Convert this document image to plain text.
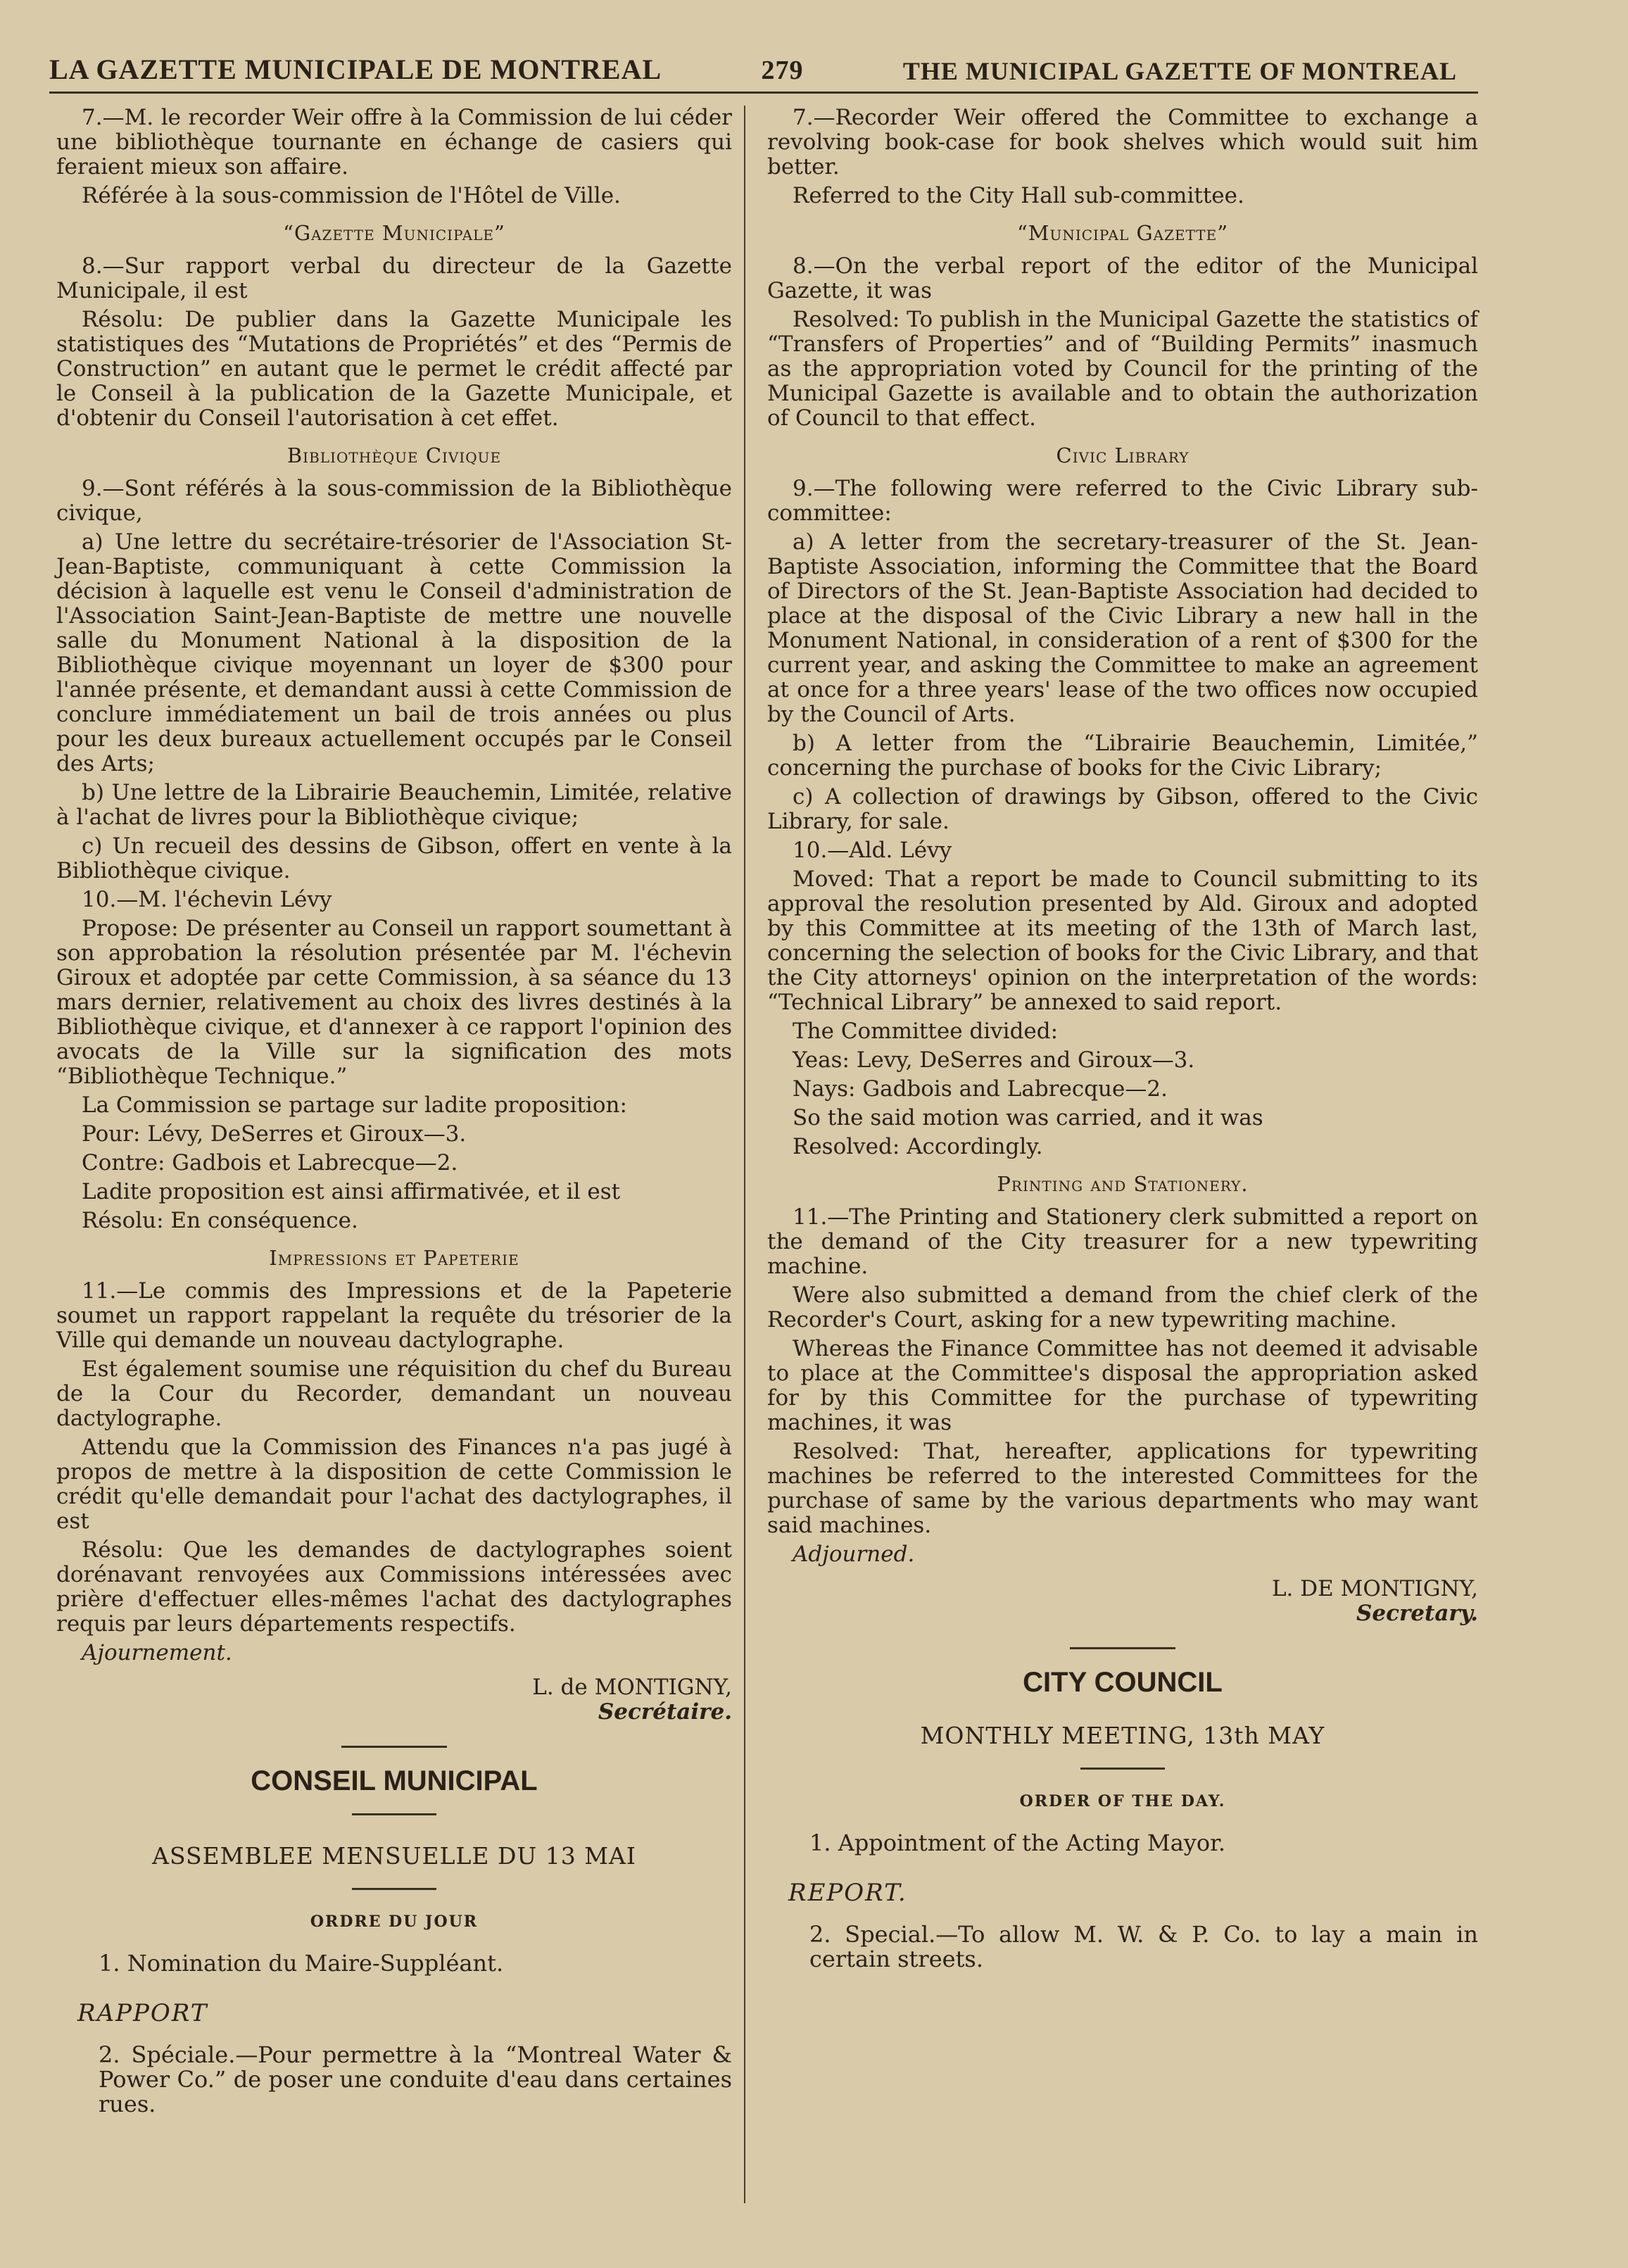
LA GAZETTE MUNICIPALE DE MONTREAL	279	THE MUNICIPAL GAZETTE OF MONTREAL

7.—M. le recorder Weir offre à la Commission de lui céder une bibliothèque tournante en échange de casiers qui feraient mieux son affaire.

Référée à la sous-commission de l'Hôtel de Ville.

“Gazette Municipale”

8.—Sur rapport verbal du directeur de la Gazette Municipale, il est

Résolu: De publier dans la Gazette Municipale les statistiques des “Mutations de Propriétés” et des “Permis de Construction” en autant que le permet le crédit affecté par le Conseil à la publication de la Gazette Municipale, et d'obtenir du Conseil l'autorisation à cet effet.

Bibliothèque Civique

9.—Sont référés à la sous-commission de la Bibliothèque civique,

a) Une lettre du secrétaire-trésorier de l'Association St-Jean-Baptiste, communiquant à cette Commission la décision à laquelle est venu le Conseil d'administration de l'Association Saint-Jean-Baptiste de mettre une nouvelle salle du Monument National à la disposition de la Bibliothèque civique moyennant un loyer de $300 pour l'année présente, et demandant aussi à cette Commission de conclure immédiatement un bail de trois années ou plus pour les deux bureaux actuellement occupés par le Conseil des Arts;

b) Une lettre de la Librairie Beauchemin, Limitée, relative à l'achat de livres pour la Bibliothèque civique;

c) Un recueil des dessins de Gibson, offert en vente à la Bibliothèque civique.

10.—M. l'échevin Lévy

Propose: De présenter au Conseil un rapport soumettant à son approbation la résolution présentée par M. l'échevin Giroux et adoptée par cette Commission, à sa séance du 13 mars dernier, relativement au choix des livres destinés à la Bibliothèque civique, et d'annexer à ce rapport l'opinion des avocats de la Ville sur la signification des mots “Bibliothèque Technique.”

La Commission se partage sur ladite proposition:

Pour: Lévy, DeSerres et Giroux—3.

Contre: Gadbois et Labrecque—2.

Ladite proposition est ainsi affirmativée, et il est

Résolu: En conséquence.

Impressions et Papeterie

11.—Le commis des Impressions et de la Papeterie soumet un rapport rappelant la requête du trésorier de la Ville qui demande un nouveau dactylographe.

Est également soumise une réquisition du chef du Bureau de la Cour du Recorder, demandant un nouveau dactylographe.

Attendu que la Commission des Finances n'a pas jugé à propos de mettre à la disposition de cette Commission le crédit qu'elle demandait pour l'achat des dactylographes, il est

Résolu: Que les demandes de dactylographes soient dorénavant renvoyées aux Commissions intéressées avec prière d'effectuer elles-mêmes l'achat des dactylographes requis par leurs départements respectifs.

Ajournement.

L. de MONTIGNY,
Secrétaire.
CONSEIL MUNICIPAL
ASSEMBLEE MENSUELLE DU 13 MAI
ORDRE DU JOUR
1. Nomination du Maire-Suppléant.
RAPPORT
2. Spéciale.—Pour permettre à la “Montreal Water & Power Co.” de poser une conduite d'eau dans certaines rues.

7.—Recorder Weir offered the Committee to exchange a revolving book-case for book shelves which would suit him better.

Referred to the City Hall sub-committee.

“Municipal Gazette”

8.—On the verbal report of the editor of the Municipal Gazette, it was

Resolved: To publish in the Municipal Gazette the statistics of “Transfers of Properties” and of “Building Permits” inasmuch as the appropriation voted by Council for the printing of the Municipal Gazette is available and to obtain the authorization of Council to that effect.

Civic Library

9.—The following were referred to the Civic Library sub-committee:

a) A letter from the secretary-treasurer of the St. Jean-Baptiste Association, informing the Committee that the Board of Directors of the St. Jean-Baptiste Association had decided to place at the disposal of the Civic Library a new hall in the Monument National, in consideration of a rent of $300 for the current year, and asking the Committee to make an agreement at once for a three years' lease of the two offices now occupied by the Council of Arts.

b) A letter from the “Librairie Beauchemin, Limitée,” concerning the purchase of books for the Civic Library;

c) A collection of drawings by Gibson, offered to the Civic Library, for sale.

10.—Ald. Lévy

Moved: That a report be made to Council submitting to its approval the resolution presented by Ald. Giroux and adopted by this Committee at its meeting of the 13th of March last, concerning the selection of books for the Civic Library, and that the City attorneys' opinion on the interpretation of the words: “Technical Library” be annexed to said report.

The Committee divided:

Yeas: Levy, DeSerres and Giroux—3.

Nays: Gadbois and Labrecque—2.

So the said motion was carried, and it was

Resolved: Accordingly.

Printing and Stationery.

11.—The Printing and Stationery clerk submitted a report on the demand of the City treasurer for a new typewriting machine.

Were also submitted a demand from the chief clerk of the Recorder's Court, asking for a new typewriting machine.

Whereas the Finance Committee has not deemed it advisable to place at the Committee's disposal the appropriation asked for by this Committee for the purchase of typewriting machines, it was

Resolved: That, hereafter, applications for typewriting machines be referred to the interested Committees for the purchase of same by the various departments who may want said machines.

Adjourned.

L. DE MONTIGNY,
Secretary.
CITY COUNCIL
MONTHLY MEETING, 13th MAY
ORDER OF THE DAY.
1. Appointment of the Acting Mayor.
REPORT.
2. Special.—To allow M. W. & P. Co. to lay a main in certain streets.
